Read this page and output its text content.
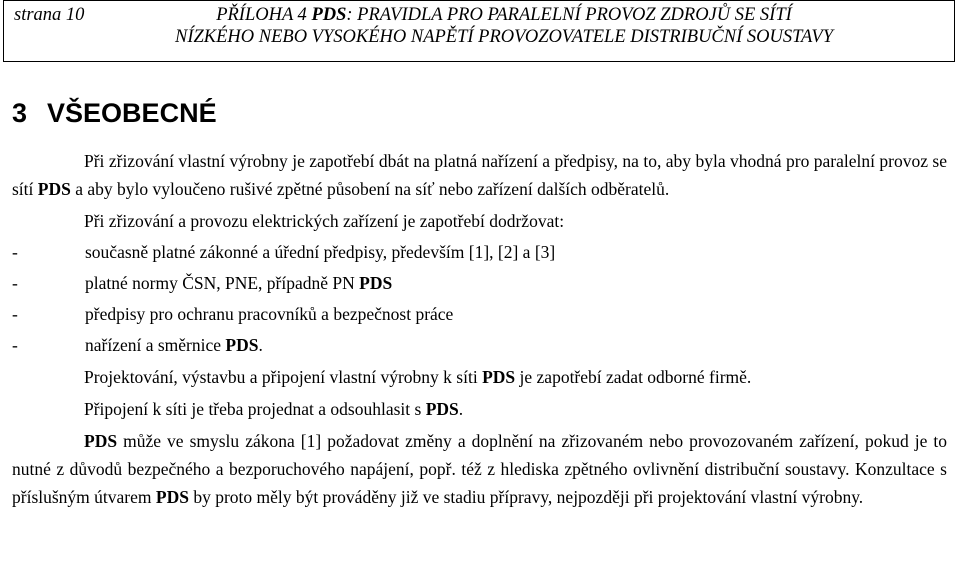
strana 10	PŘÍLOHA 4 PDS: PRAVIDLA PRO PARALELNÍ PROVOZ ZDROJŮ SE SÍTÍ
NÍZKÉHO NEBO VYSOKÉHO NAPĚTÍ PROVOZOVATELE DISTRIBUČNÍ SOUSTAVY
3 VŠEOBECNÉ

Při zřizování vlastní výrobny je zapotřebí dbát na platná nařízení a předpisy, na to, aby byla vhodná pro paralelní provoz se sítí PDS a aby bylo vyloučeno rušivé zpětné působení na síť nebo zařízení dalších odběratelů.

Při zřizování a provozu elektrických zařízení je zapotřebí dodržovat:

-	současně platné zákonné a úřední předpisy, především [1], [2] a [3]
-	platné normy ČSN, PNE, případně PN PDS
-	předpisy pro ochranu pracovníků a bezpečnost práce
-	nařízení a směrnice PDS.

Projektování, výstavbu a připojení vlastní výrobny k síti PDS je zapotřebí zadat odborné firmě.

Připojení k síti je třeba projednat a odsouhlasit s PDS.

PDS může ve smyslu zákona [1] požadovat změny a doplnění na zřizovaném nebo provozovaném zařízení, pokud je to nutné z důvodů bezpečného a bezporuchového napájení, popř. též z hlediska zpětného ovlivnění distribuční soustavy. Konzultace s příslušným útvarem PDS by proto měly být prováděny již ve stadiu přípravy, nejpozději při projektování vlastní výrobny.
